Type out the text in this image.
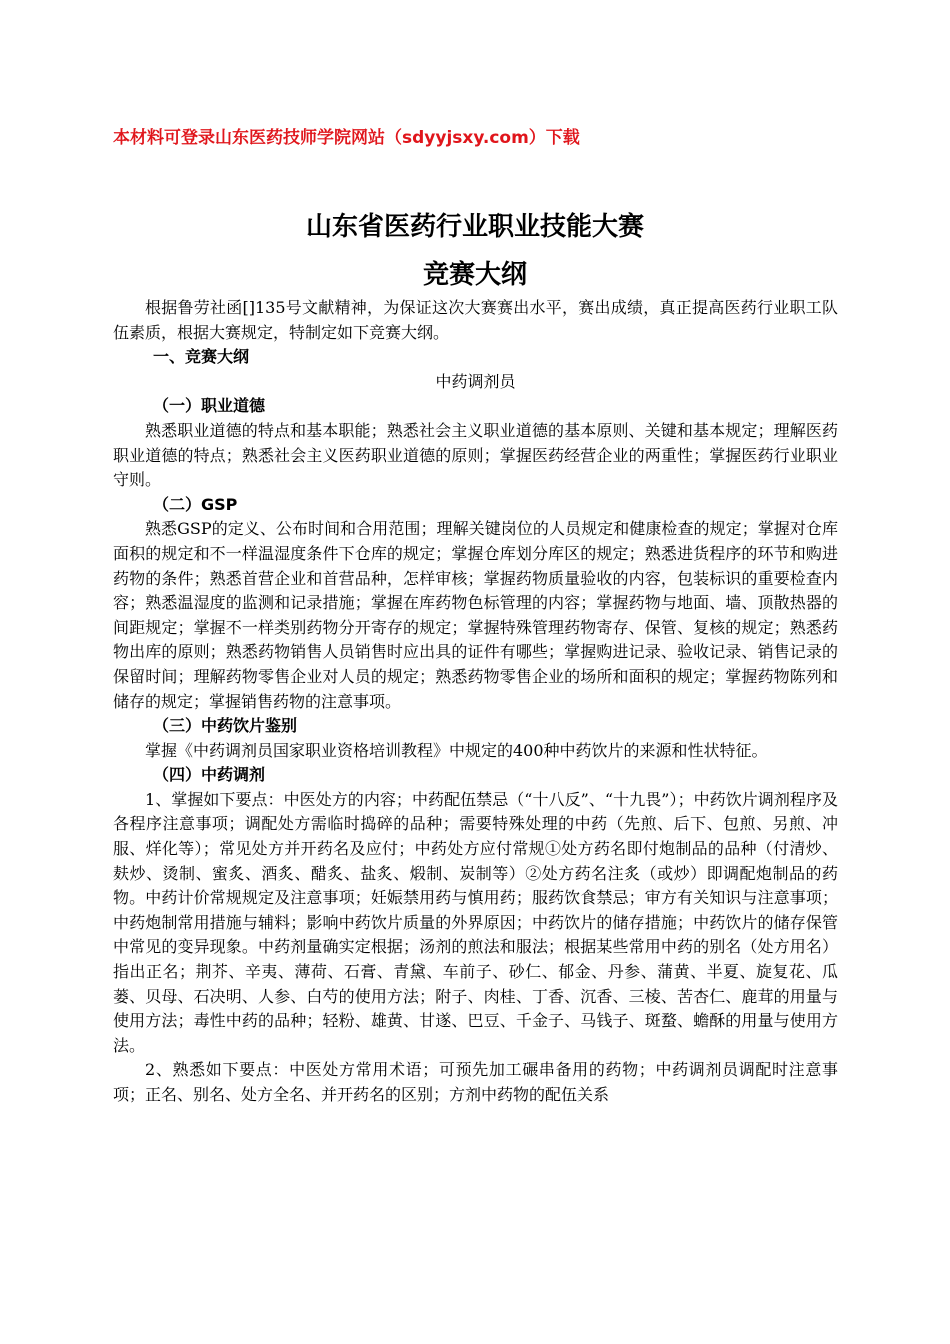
本材料可登录山东医药技师学院网站（sdyyjsxy.com）下载
山东省医药行业职业技能大赛
竞赛大纲

根据鲁劳社函[]135号文献精神，为保证这次大赛赛出水平，赛出成绩，真正提高医药行业职工队伍素质，根据大赛规定，特制定如下竞赛大纲。

一、竞赛大纲

中药调剂员

（一）职业道德

熟悉职业道德的特点和基本职能；熟悉社会主义职业道德的基本原则、关键和基本规定；理解医药职业道德的特点；熟悉社会主义医药职业道德的原则；掌握医药经营企业的两重性；掌握医药行业职业守则。

（二）GSP

熟悉GSP的定义、公布时间和合用范围；理解关键岗位的人员规定和健康检查的规定；掌握对仓库面积的规定和不一样温湿度条件下仓库的规定；掌握仓库划分库区的规定；熟悉进货程序的环节和购进药物的条件；熟悉首营企业和首营品种，怎样审核；掌握药物质量验收的内容，包装标识的重要检查内容；熟悉温湿度的监测和记录措施；掌握在库药物色标管理的内容；掌握药物与地面、墙、顶散热器的间距规定；掌握不一样类别药物分开寄存的规定；掌握特殊管理药物寄存、保管、复核的规定；熟悉药物出库的原则；熟悉药物销售人员销售时应出具的证件有哪些；掌握购进记录、验收记录、销售记录的保留时间；理解药物零售企业对人员的规定；熟悉药物零售企业的场所和面积的规定；掌握药物陈列和储存的规定；掌握销售药物的注意事项。

（三）中药饮片鉴别

掌握《中药调剂员国家职业资格培训教程》中规定的400种中药饮片的来源和性状特征。

（四）中药调剂

1、掌握如下要点：中医处方的内容；中药配伍禁忌（“十八反”、“十九畏”）；中药饮片调剂程序及各程序注意事项；调配处方需临时捣碎的品种；需要特殊处理的中药（先煎、后下、包煎、另煎、冲服、烊化等）；常见处方并开药名及应付；中药处方应付常规①处方药名即付炮制品的品种（付清炒、麸炒、烫制、蜜炙、酒炙、醋炙、盐炙、煅制、炭制等）②处方药名注炙（或炒）即调配炮制品的药物。中药计价常规规定及注意事项；妊娠禁用药与慎用药；服药饮食禁忌；审方有关知识与注意事项；中药炮制常用措施与辅料；影响中药饮片质量的外界原因；中药饮片的储存措施；中药饮片的储存保管中常见的变异现象。中药剂量确实定根据；汤剂的煎法和服法；根据某些常用中药的别名（处方用名）指出正名；荆芥、辛夷、薄荷、石膏、青黛、车前子、砂仁、郁金、丹参、蒲黄、半夏、旋复花、瓜蒌、贝母、石决明、人参、白芍的使用方法；附子、肉桂、丁香、沉香、三棱、苦杏仁、鹿茸的用量与使用方法；毒性中药的品种；轻粉、雄黄、甘遂、巴豆、千金子、马钱子、斑蝥、蟾酥的用量与使用方法。

2、熟悉如下要点：中医处方常用术语；可预先加工碾串备用的药物；中药调剂员调配时注意事项；正名、别名、处方全名、并开药名的区别；方剂中药物的配伍关系
